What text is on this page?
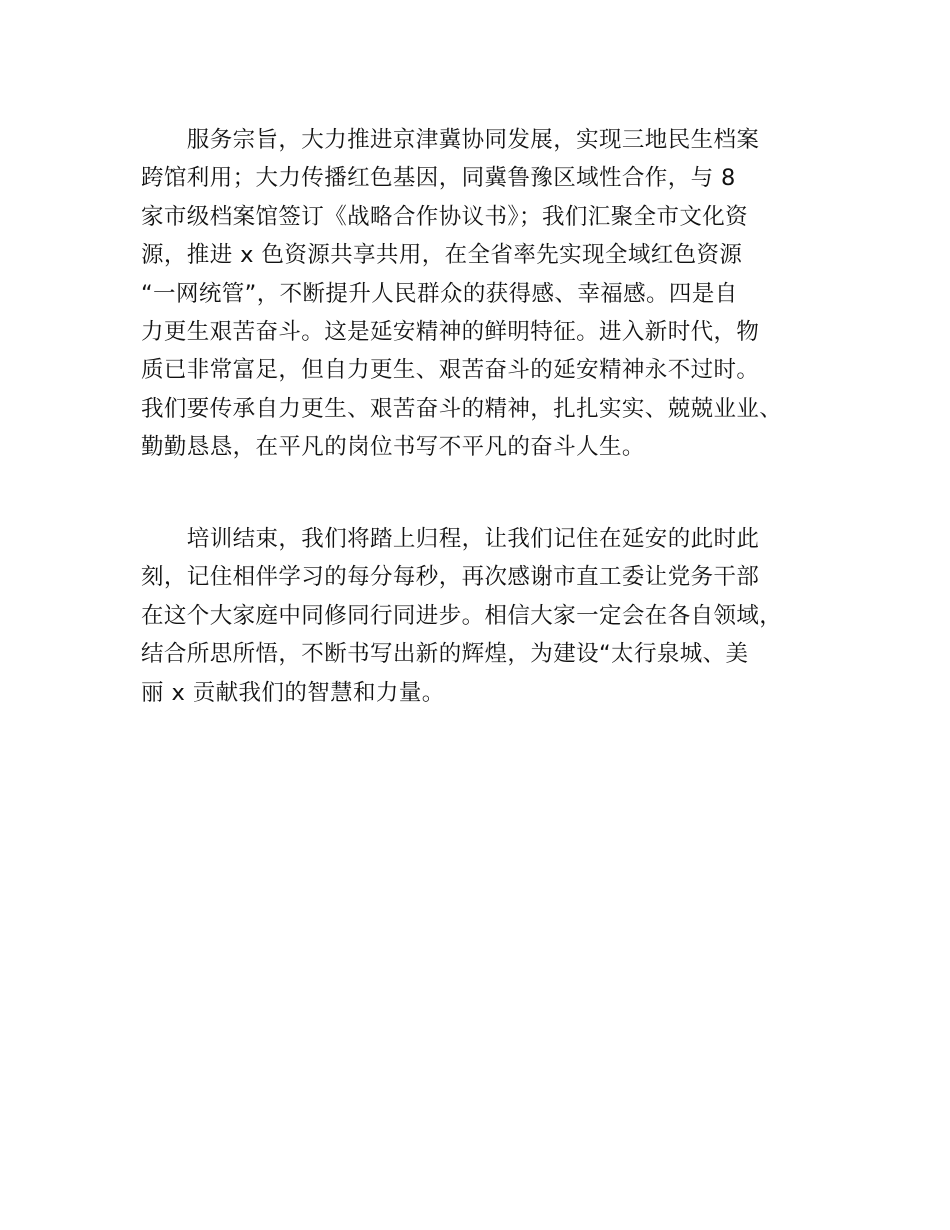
　　服务宗旨，大力推进京津冀协同发展，实现三地民生档案
跨馆利用；大力传播红色基因，同冀鲁豫区域性合作，与 8
家市级档案馆签订《战略合作协议书》；我们汇聚全市文化资
源，推进 x 色资源共享共用，在全省率先实现全域红色资源
“一网统管”，不断提升人民群众的获得感、幸福感。四是自
力更生艰苦奋斗。这是延安精神的鲜明特征。进入新时代，物
质已非常富足，但自力更生、艰苦奋斗的延安精神永不过时。
我们要传承自力更生、艰苦奋斗的精神，扎扎实实、兢兢业业、
勤勤恳恳，在平凡的岗位书写不平凡的奋斗人生。
　　培训结束，我们将踏上归程，让我们记住在延安的此时此
刻，记住相伴学习的每分每秒，再次感谢市直工委让党务干部
在这个大家庭中同修同行同进步。相信大家一定会在各自领域，
结合所思所悟，不断书写出新的辉煌，为建设“太行泉城、美
丽 x 贡献我们的智慧和力量。
